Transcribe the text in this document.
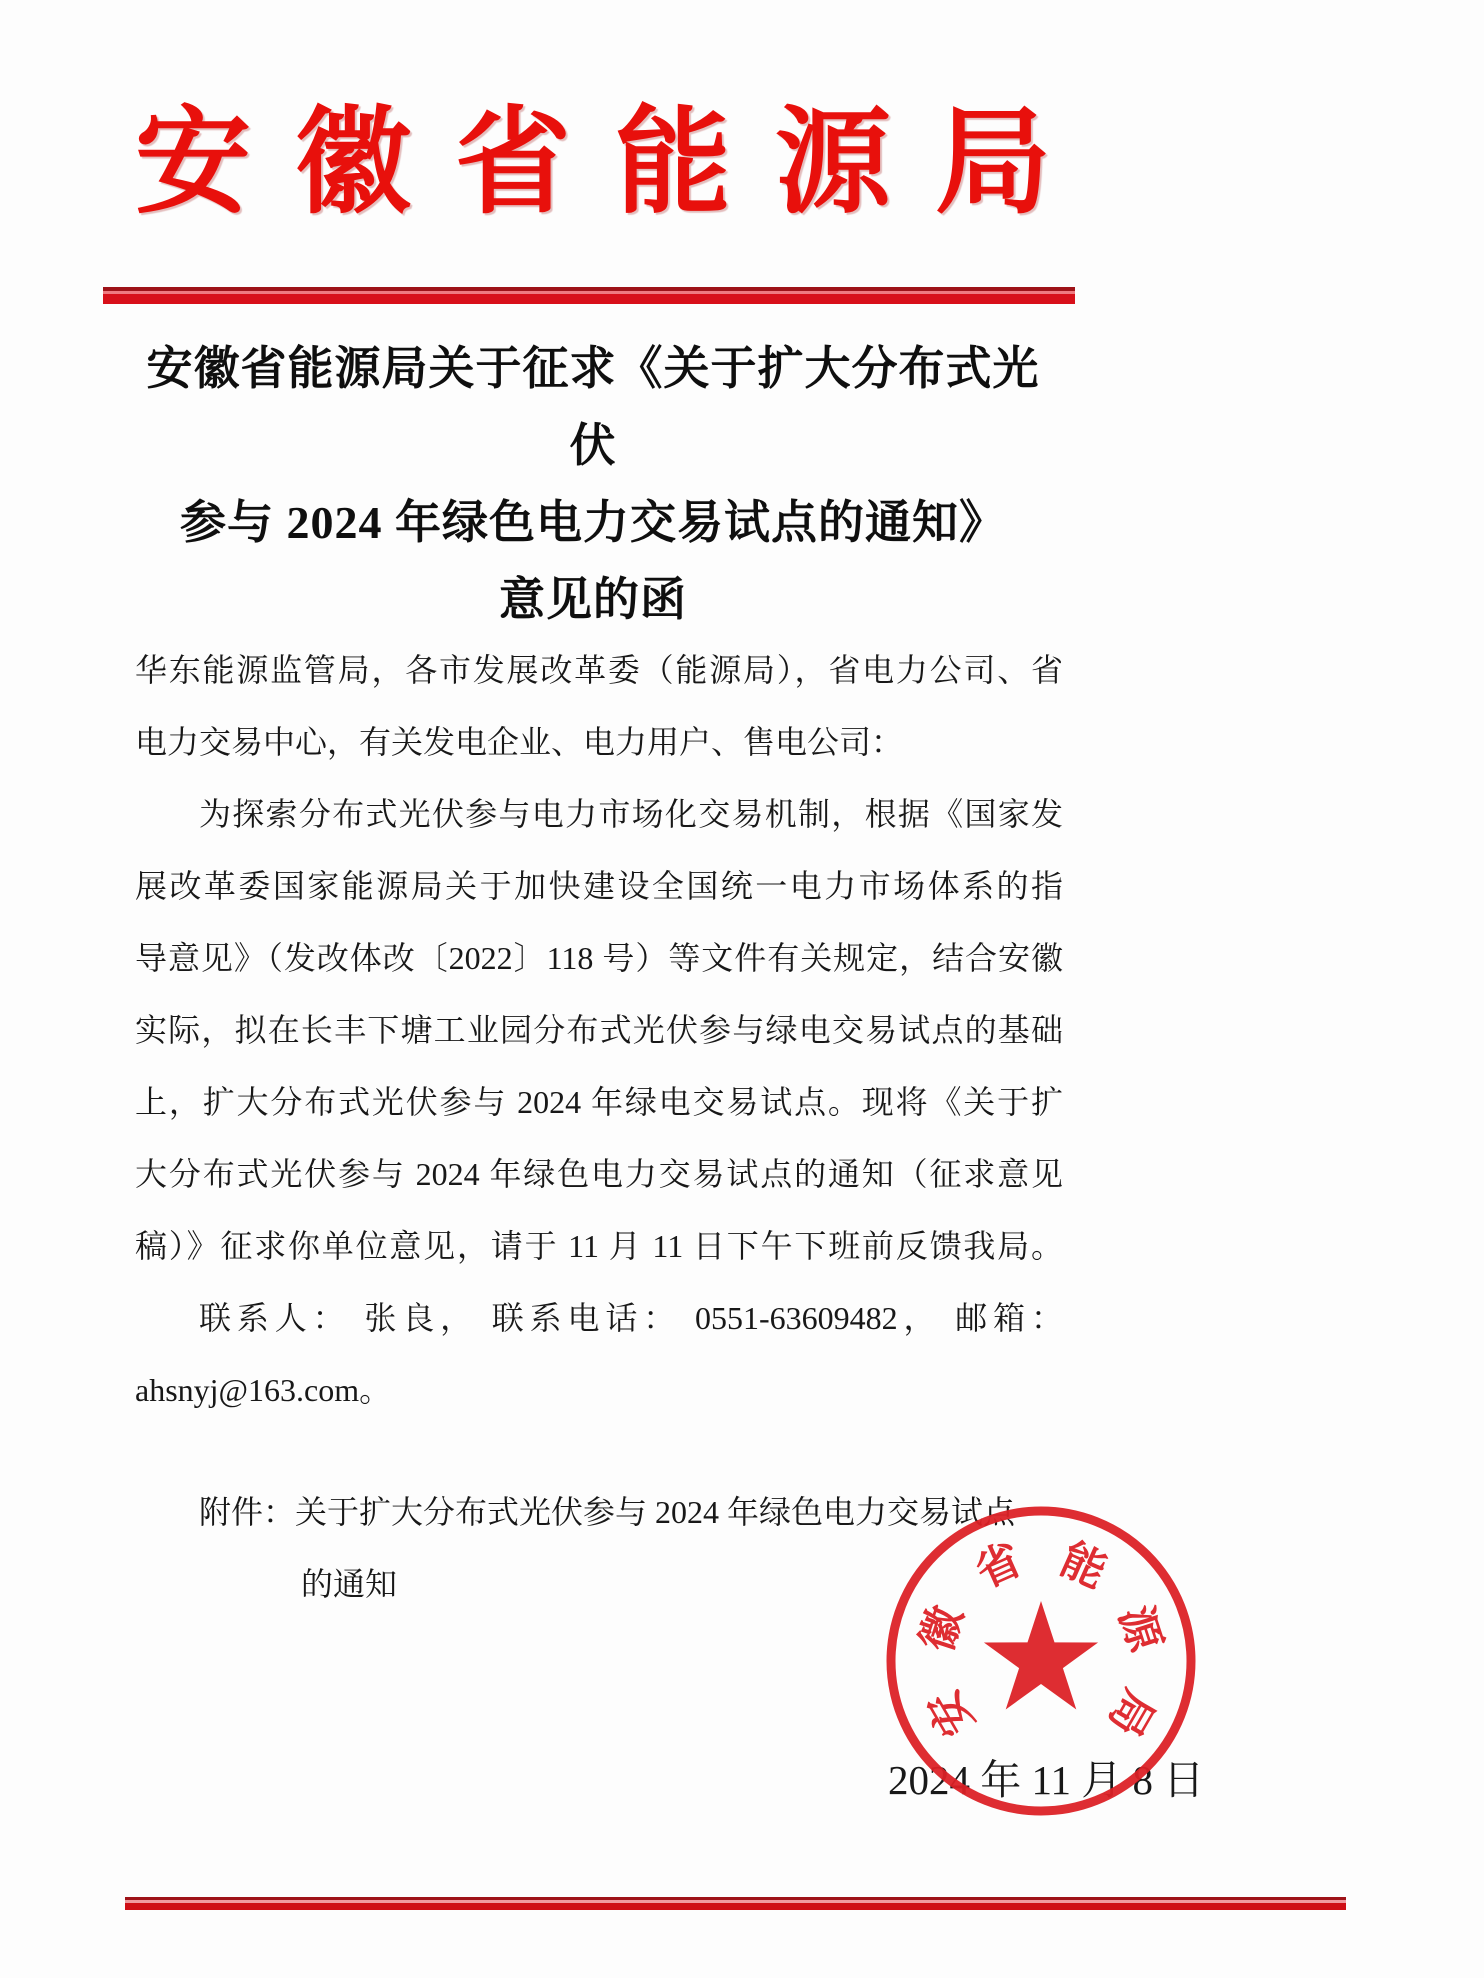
安 徽 省 能 源 局
安徽省能源局关于征求《关于扩大分布式光伏
参与 2024 年绿色电力交易试点的通知》
意见的函
华东能源监管局，各市发展改革委（能源局），省电力公司、省
电力交易中心，有关发电企业、电力用户、售电公司：
为探索分布式光伏参与电力市场化交易机制，根据《国家发
展改革委国家能源局关于加快建设全国统一电力市场体系的指
导意见》（发改体改〔2022〕118 号）等文件有关规定，结合安徽
实际，拟在长丰下塘工业园分布式光伏参与绿电交易试点的基础
上，扩大分布式光伏参与 2024 年绿电交易试点。现将《关于扩
大分布式光伏参与 2024 年绿色电力交易试点的通知（征求意见
稿）》征求你单位意见，请于 11 月 11 日下午下班前反馈我局。
联系人： 张良， 联系电话： 0551-63609482， 邮箱：
ahsnyj@163.com。
附件：关于扩大分布式光伏参与 2024 年绿色电力交易试点
的通知
2024 年 11 月 8 日
安
徽
省 能
源
局
